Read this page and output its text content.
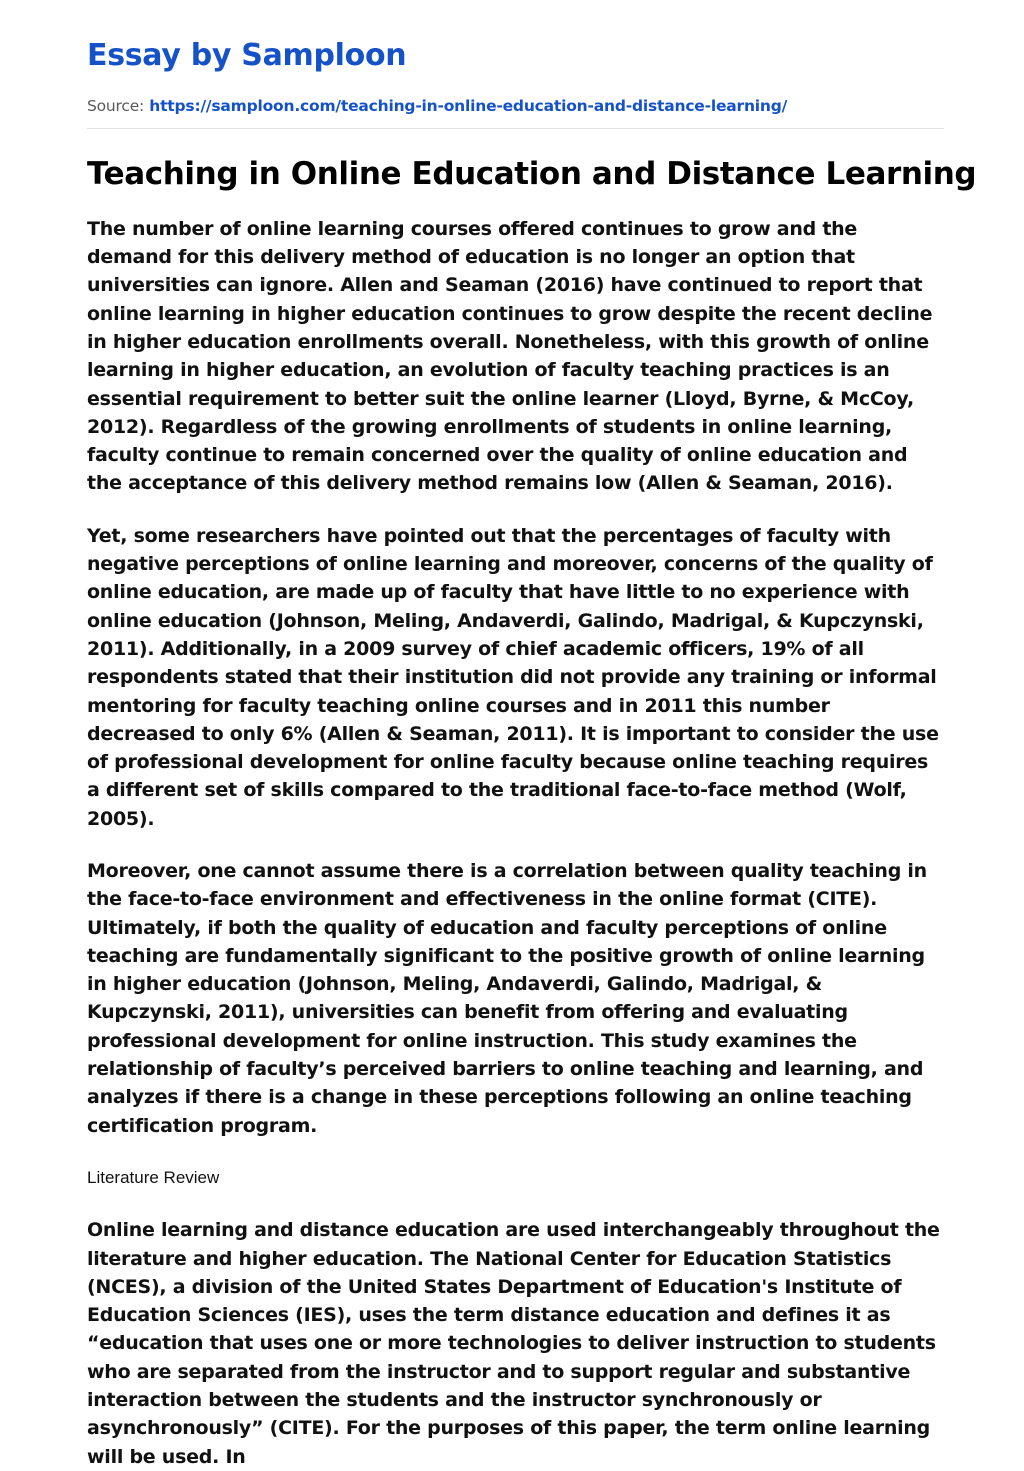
Essay by Samploon
Source: https://samploon.com/teaching-in-online-education-and-distance-learning/
Teaching in Online Education and Distance Learning

The number of online learning courses offered continues to grow and the demand for this delivery method of education is no longer an option that universities can ignore. Allen and Seaman (2016) have continued to report that online learning in higher education continues to grow despite the recent decline in higher education enrollments overall. Nonetheless, with this growth of online learning in higher education, an evolution of faculty teaching practices is an essential requirement to better suit the online learner (Lloyd, Byrne, & McCoy, 2012). Regardless of the growing enrollments of students in online learning, faculty continue to remain concerned over the quality of online education and the acceptance of this delivery method remains low (Allen & Seaman, 2016).

Yet, some researchers have pointed out that the percentages of faculty with negative perceptions of online learning and moreover, concerns of the quality of online education, are made up of faculty that have little to no experience with online education (Johnson, Meling, Andaverdi, Galindo, Madrigal, & Kupczynski, 2011). Additionally, in a 2009 survey of chief academic officers, 19% of all respondents stated that their institution did not provide any training or informal mentoring for faculty teaching online courses and in 2011 this number decreased to only 6% (Allen & Seaman, 2011). It is important to consider the use of professional development for online faculty because online teaching requires a different set of skills compared to the traditional face-to-face method (Wolf, 2005).

Moreover, one cannot assume there is a correlation between quality teaching in the face-to-face environment and effectiveness in the online format (CITE). Ultimately, if both the quality of education and faculty perceptions of online teaching are fundamentally significant to the positive growth of online learning in higher education (Johnson, Meling, Andaverdi, Galindo, Madrigal, & Kupczynski, 2011), universities can benefit from offering and evaluating professional development for online instruction. This study examines the relationship of faculty’s perceived barriers to online teaching and learning, and analyzes if there is a change in these perceptions following an online teaching certification program.

Literature Review

Online learning and distance education are used interchangeably throughout the literature and higher education. The National Center for Education Statistics (NCES), a division of the United States Department of Education's Institute of Education Sciences (IES), uses the term distance education and defines it as “education that uses one or more technologies to deliver instruction to students who are separated from the instructor and to support regular and substantive interaction between the students and the instructor synchronously or asynchronously” (CITE). For the purposes of this paper, the term online learning will be used. In
